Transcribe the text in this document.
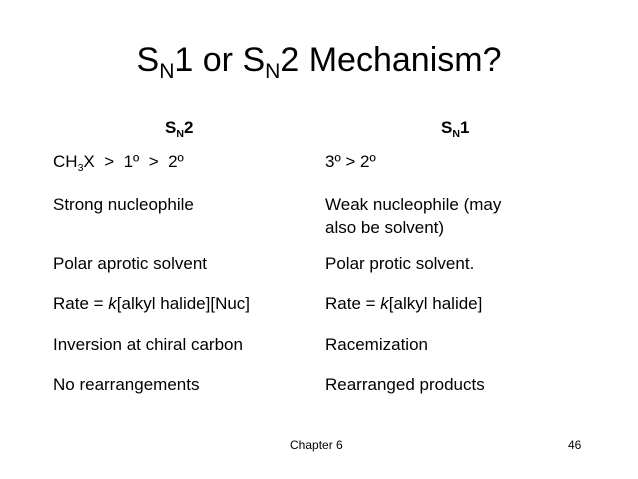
$S_N1$ or $S_N2$ Mechanism?
$S_N2$	$S_N1$
$CH_3X$  >  1º  >  2º	3º > 2º
Strong nucleophile	Weak nucleophile (may
also be solvent)
Polar aprotic solvent	Polar protic solvent.
Rate = k[alkyl halide][Nuc]	Rate = k[alkyl halide]
Inversion at chiral carbon	Racemization
No rearrangements	Rearranged products
Chapter 6	46
